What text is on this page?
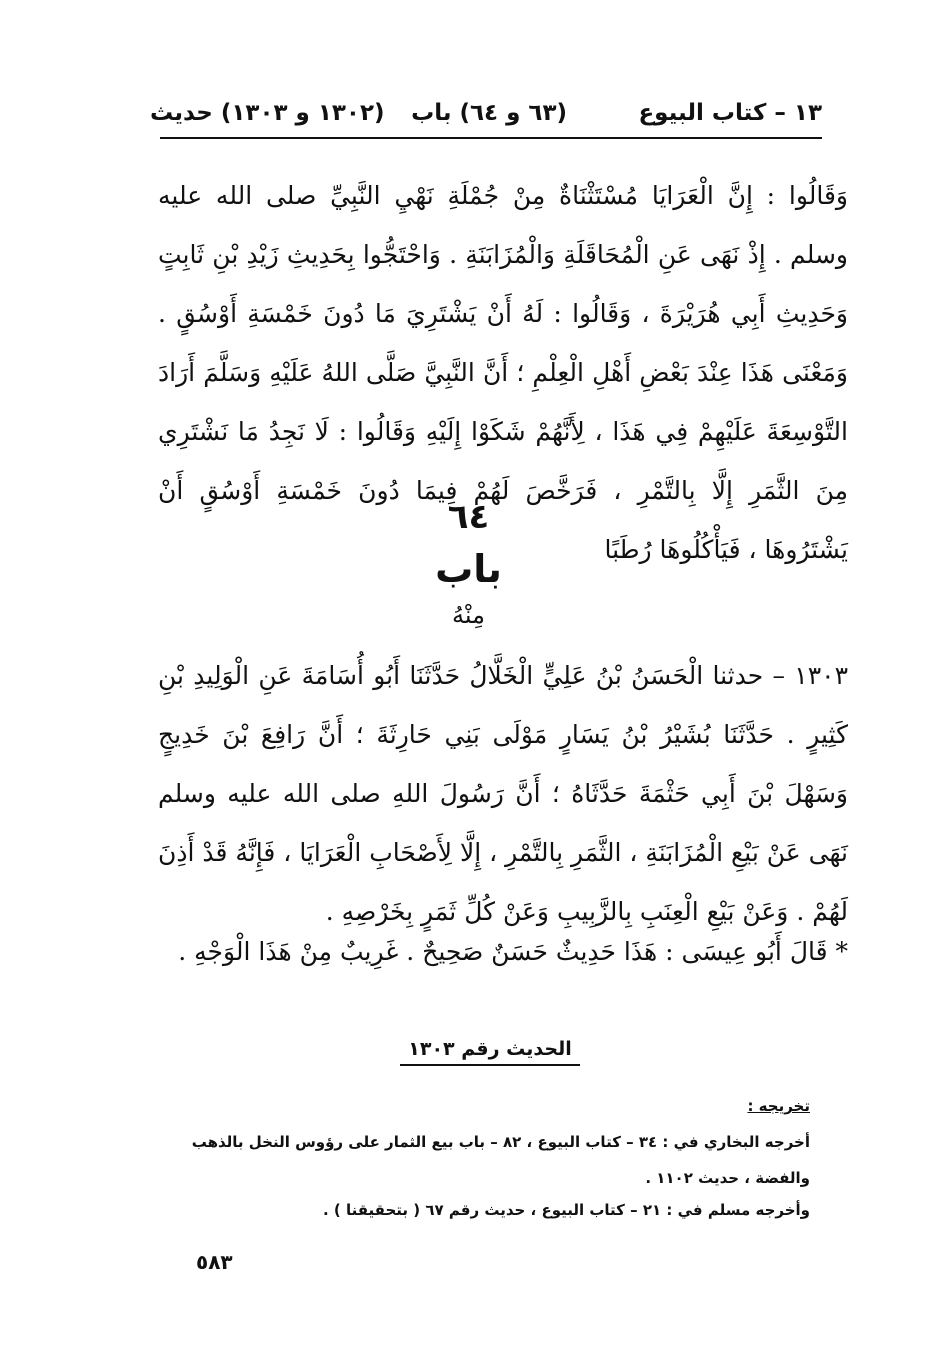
١٣ – كتاب البيوع
(٦٣ و ٦٤) باب
(١٣٠٢ و ١٣٠٣) حديث
وَقَالُوا : إِنَّ الْعَرَايَا مُسْتَثْنَاةٌ مِنْ جُمْلَةِ نَهْيِ النَّبِيِّ صلى الله عليه وسلم . إِذْ نَهَى عَنِ الْمُحَاقَلَةِ وَالْمُزَابَنَةِ . وَاحْتَجُّوا بِحَدِيثِ زَيْدِ بْنِ ثَابِتٍ وَحَدِيثِ أَبِي هُرَيْرَةَ ، وَقَالُوا : لَهُ أَنْ يَشْتَرِيَ مَا دُونَ خَمْسَةِ أَوْسُقٍ . وَمَعْنَى هَذَا عِنْدَ بَعْضِ أَهْلِ الْعِلْمِ ؛ أَنَّ النَّبِيَّ صَلَّى اللهُ عَلَيْهِ وَسَلَّمَ أَرَادَ التَّوْسِعَةَ عَلَيْهِمْ فِي هَذَا ، لِأَنَّهُمْ شَكَوْا إِلَيْهِ وَقَالُوا : لَا نَجِدُ مَا نَشْتَرِي مِنَ الثَّمَرِ إِلَّا بِالتَّمْرِ ، فَرَخَّصَ لَهُمْ فِيمَا دُونَ خَمْسَةِ أَوْسُقٍ أَنْ يَشْتَرُوهَا ، فَيَأْكُلُوهَا رُطَبًا
٦٤
باب
مِنْهُ
١٣٠٣ – حدثنا الْحَسَنُ بْنُ عَلِيٍّ الْخَلَّالُ حَدَّثَنَا أَبُو أُسَامَةَ عَنِ الْوَلِيدِ بْنِ كَثِيرٍ . حَدَّثَنَا بُشَيْرُ بْنُ يَسَارٍ مَوْلَى بَنِي حَارِثَةَ ؛ أَنَّ رَافِعَ بْنَ خَدِيجٍ وَسَهْلَ بْنَ أَبِي حَثْمَةَ حَدَّثَاهُ ؛ أَنَّ رَسُولَ اللهِ صلى الله عليه وسلم نَهَى عَنْ بَيْعِ الْمُزَابَنَةِ ، الثَّمَرِ بِالتَّمْرِ ، إِلَّا لِأَصْحَابِ الْعَرَايَا ، فَإِنَّهُ قَدْ أَذِنَ لَهُمْ . وَعَنْ بَيْعِ الْعِنَبِ بِالزَّبِيبِ وَعَنْ كُلِّ ثَمَرٍ بِخَرْصِهِ .
* قَالَ أَبُو عِيسَى : هَذَا حَدِيثٌ حَسَنٌ صَحِيحٌ . غَرِيبٌ مِنْ هَذَا الْوَجْهِ .
الحديث رقم ١٣٠٣
تخريجه :
أخرجه البخاري في : ٣٤ – كتاب البيوع ، ٨٢ – باب بيع الثمار على رؤوس النخل بالذهب والفضة ، حديث ١١٠٢ .
وأخرجه مسلم في : ٢١ – كتاب البيوع ، حديث رقم ٦٧ ( بتحقيقنا ) .
٥٨٣
